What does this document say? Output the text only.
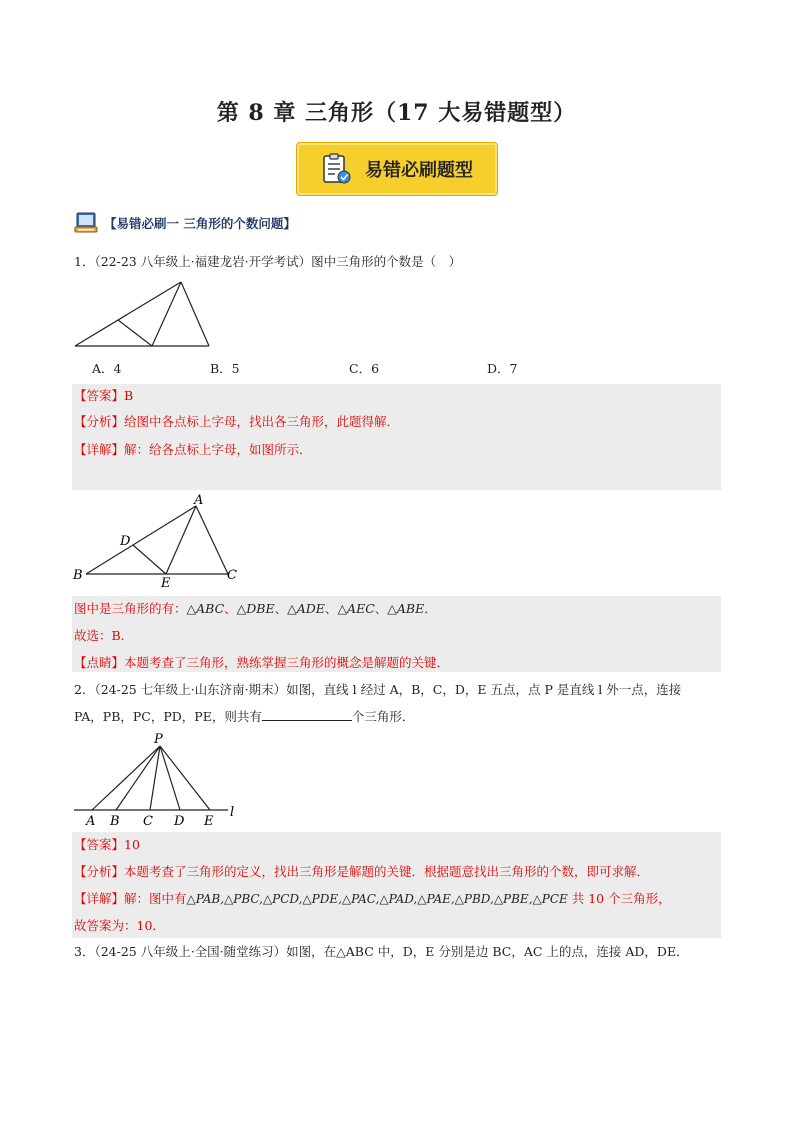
第 8 章 三角形（17 大易错题型）
易错必刷题型
【易错必刷一 三角形的个数问题】
1．（22-23 八年级上·福建龙岩·开学考试）图中三角形的个数是（　）
A．4	B．5	C．6	D．7
【答案】B
【分析】给图中各点标上字母，找出各三角形，此题得解．
【详解】解：给各点标上字母，如图所示．
A
D
B
E
C
图中是三角形的有：△ABC、△DBE、△ADE、△AEC、△ABE．
故选：B．
【点睛】本题考查了三角形，熟练掌握三角形的概念是解题的关键．
2．（24-25 七年级上·山东济南·期末）如图，直线 l 经过 A，B，C，D，E 五点，点 P 是直线 l 外一点，连接
PA，PB，PC，PD，PE，则共有	个三角形．
P
A B C D E
l
【答案】10
【分析】本题考查了三角形的定义，找出三角形是解题的关键．根据题意找出三角形的个数，即可求解．
【详解】解：图中有△PAB,△PBC,△PCD,△PDE,△PAC,△PAD,△PAE,△PBD,△PBE,△PCE 共 10 个三角形，
故答案为：10．
3．（24-25 八年级上·全国·随堂练习）如图，在△ABC 中，D，E 分别是边 BC，AC 上的点，连接 AD，DE．
